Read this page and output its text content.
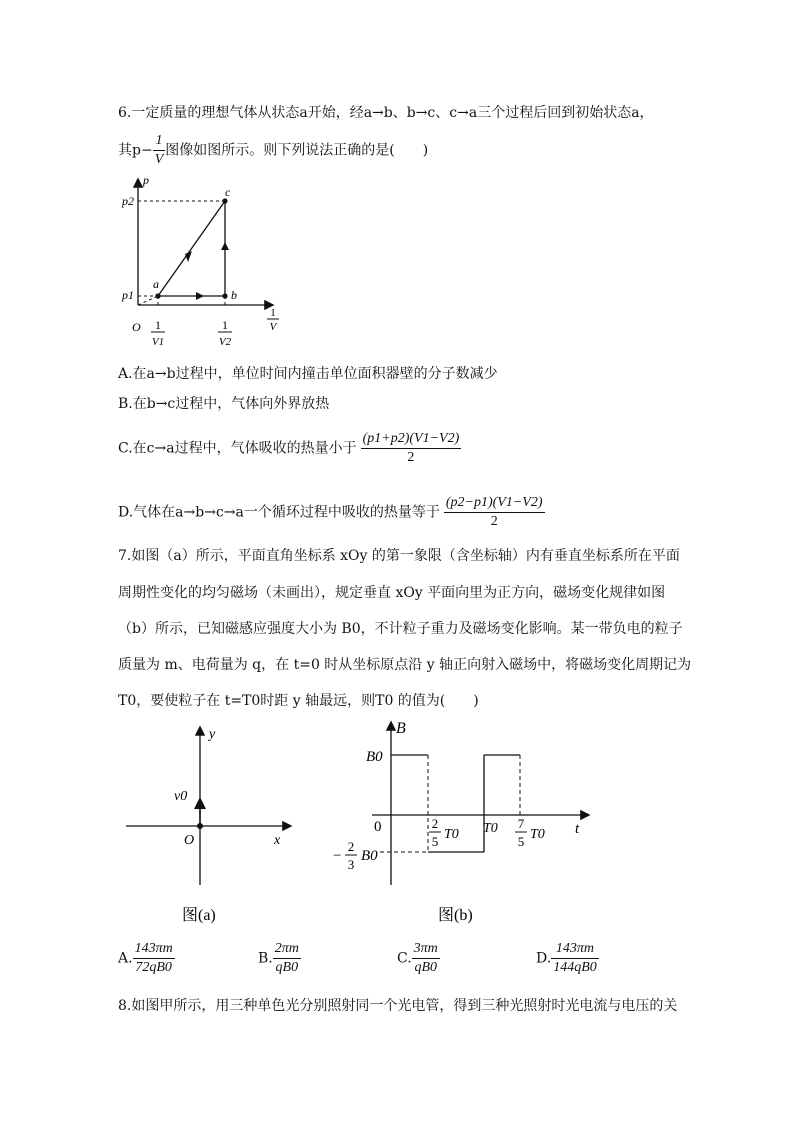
6.一定质量的理想气体从状态a开始，经a→b、b→c、c→a三个过程后回到初始状态a，
其$p- \frac{1}{V}$ 图像如图所示。则下列说法正确的是(　　)
p
p2
p1
c
a
b
O 1
V1
1
V2
1
V
A.在a→b过程中，单位时间内撞击单位面积器壁的分子数减少
B.在b→c过程中，气体向外界放热
C.在c→a过程中，气体吸收的热量小于 $\frac{(p1+p2)(V1-V2)}{2}$
D.气体在a→b→c→a一个循环过程中吸收的热量等于 $\frac{(p2-p1)(V1-V2)}{2}$
7.如图（a）所示，平面直角坐标系 xOy 的第一象限（含坐标轴）内有垂直坐标系所在平面
周期性变化的均匀磁场（未画出），规定垂直 xOy 平面向里为正方向，磁场变化规律如图
（b）所示，已知磁感应强度大小为 B0，不计粒子重力及磁场变化影响。某一带负电的粒子
质量为 m、电荷量为 q，在 t=0 时从坐标原点沿 y 轴正向射入磁场中，将磁场变化周期记为
T0，要使粒子在 t=T0时距 y 轴最远，则T0 的值为(　　)
y
v0
O	x
图(a)
B
B0
0	t
−
2
3
B0
2
5 T0 T0 7
5 T0
图(b)
A. $\frac{143\pi m}{72qB0}$	B. $\frac{2\pi m}{qB0}$	C. $\frac{3\pi m}{qB0}$	D. $\frac{143\pi m}{144qB0}$
8.如图甲所示，用三种单色光分别照射同一个光电管，得到三种光照射时光电流与电压的关
